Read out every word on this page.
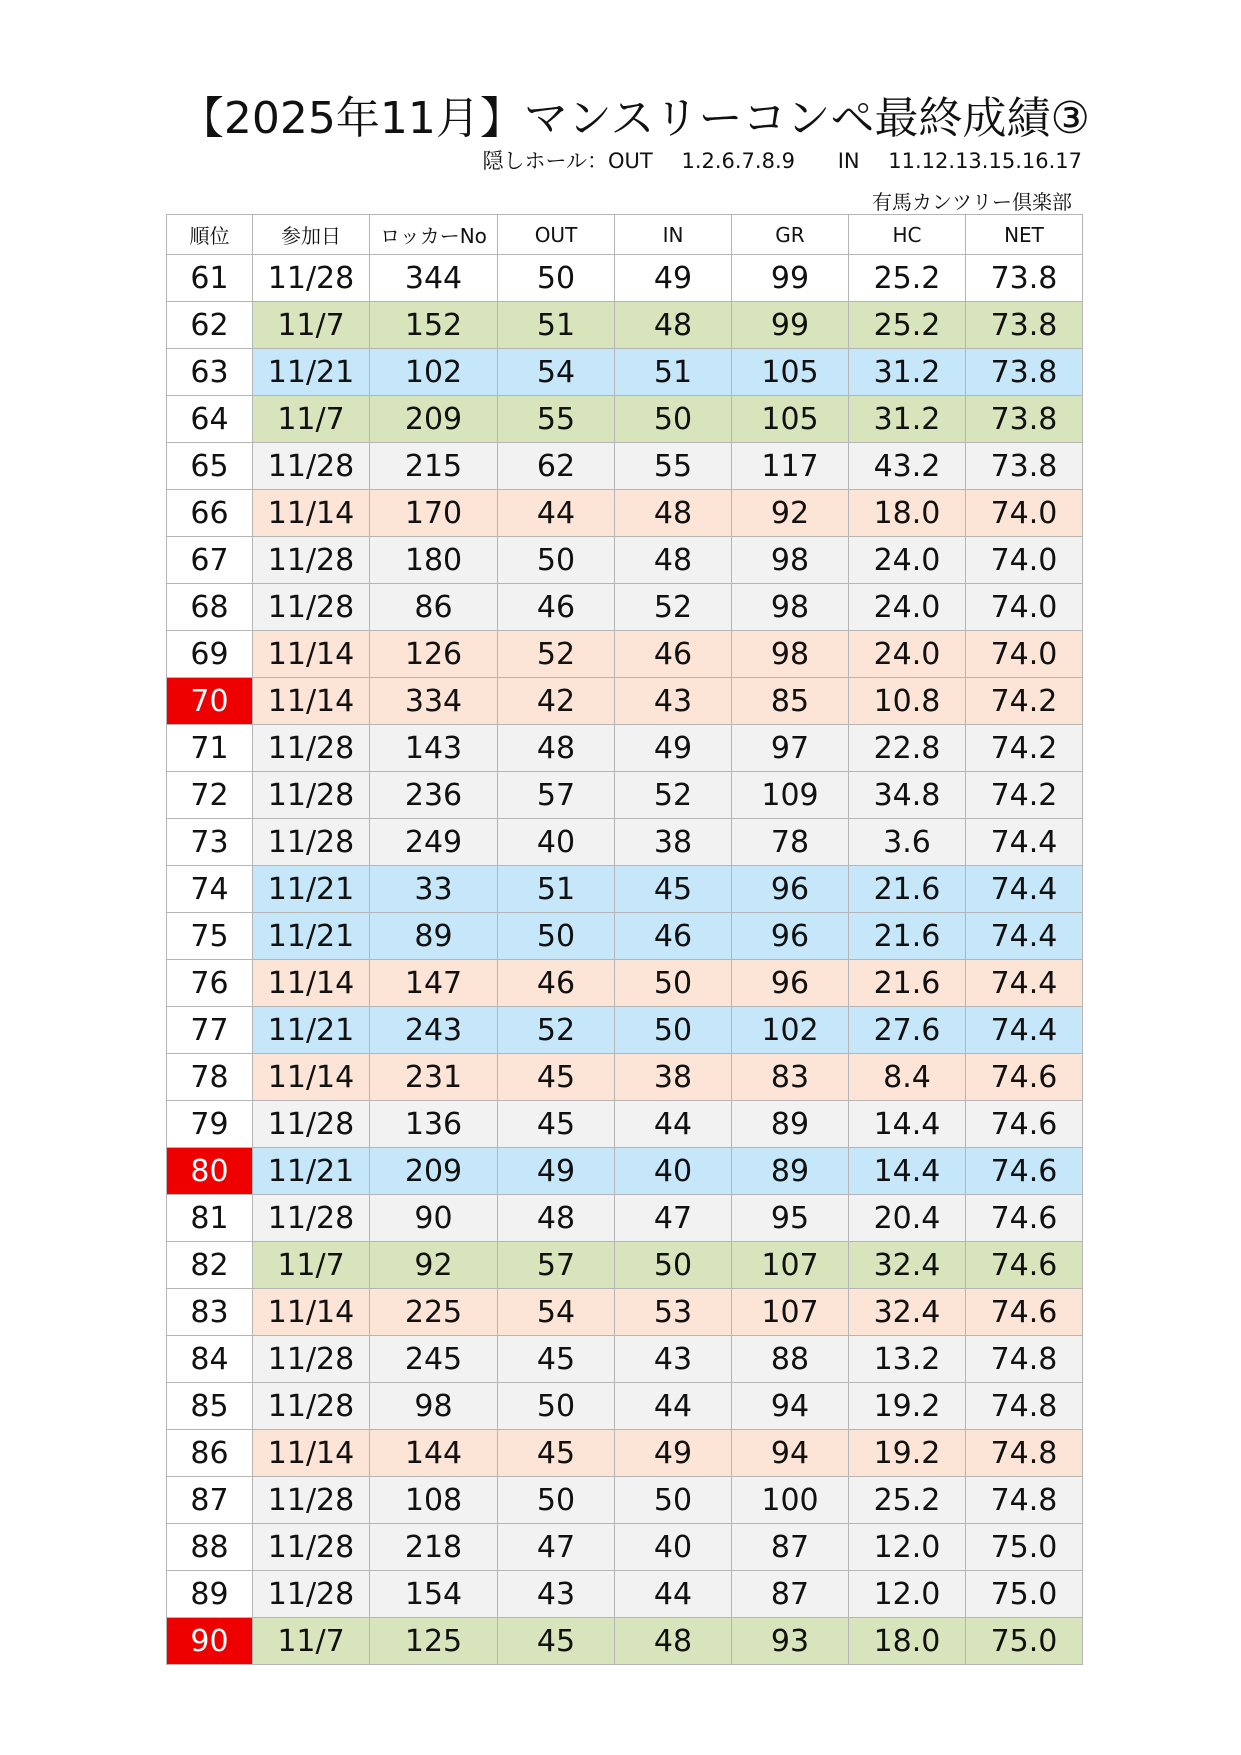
【2025年11月】マンスリーコンペ最終成績③
隠しホール：OUT 1.2.6.7.8.9 IN 11.12.13.15.16.17
有馬カンツリー倶楽部
順位	参加日	ロッカーNo	OUT	IN	GR	HC	NET
61	11/28	344	50	49	99	25.2	73.8
62	11/7	152	51	48	99	25.2	73.8
63	11/21	102	54	51	105	31.2	73.8
64	11/7	209	55	50	105	31.2	73.8
65	11/28	215	62	55	117	43.2	73.8
66	11/14	170	44	48	92	18.0	74.0
67	11/28	180	50	48	98	24.0	74.0
68	11/28	86	46	52	98	24.0	74.0
69	11/14	126	52	46	98	24.0	74.0
70	11/14	334	42	43	85	10.8	74.2
71	11/28	143	48	49	97	22.8	74.2
72	11/28	236	57	52	109	34.8	74.2
73	11/28	249	40	38	78	3.6	74.4
74	11/21	33	51	45	96	21.6	74.4
75	11/21	89	50	46	96	21.6	74.4
76	11/14	147	46	50	96	21.6	74.4
77	11/21	243	52	50	102	27.6	74.4
78	11/14	231	45	38	83	8.4	74.6
79	11/28	136	45	44	89	14.4	74.6
80	11/21	209	49	40	89	14.4	74.6
81	11/28	90	48	47	95	20.4	74.6
82	11/7	92	57	50	107	32.4	74.6
83	11/14	225	54	53	107	32.4	74.6
84	11/28	245	45	43	88	13.2	74.8
85	11/28	98	50	44	94	19.2	74.8
86	11/14	144	45	49	94	19.2	74.8
87	11/28	108	50	50	100	25.2	74.8
88	11/28	218	47	40	87	12.0	75.0
89	11/28	154	43	44	87	12.0	75.0
90	11/7	125	45	48	93	18.0	75.0
